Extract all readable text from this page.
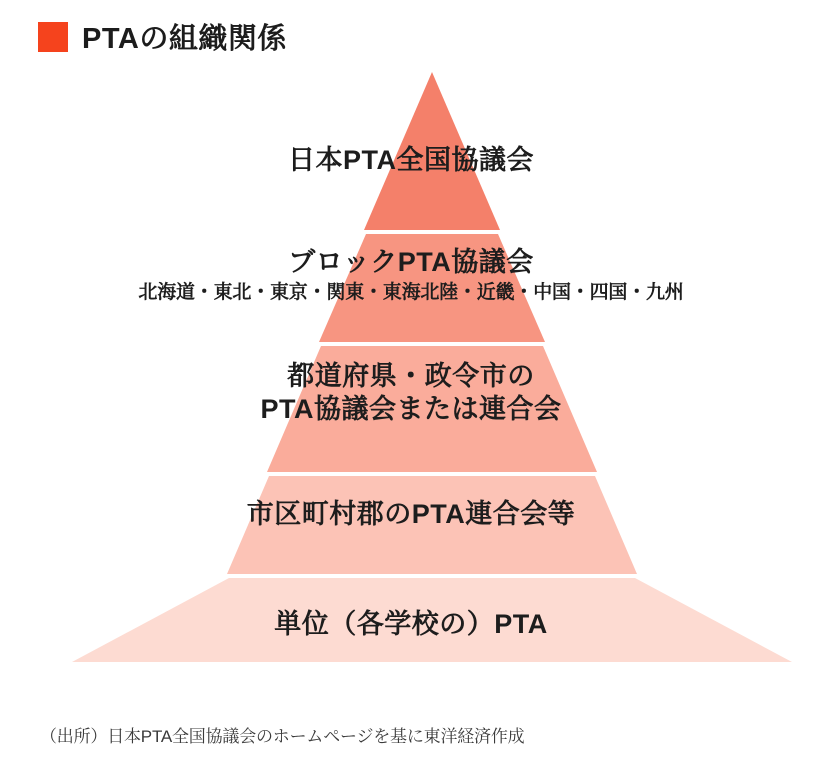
PTAの組織関係
日本PTA全国協議会
ブロックPTA協議会
北海道・東北・東京・関東・東海北陸・近畿・中国・四国・九州
都道府県・政令市の
PTA協議会または連合会
市区町村郡のPTA連合会等
単位（各学校の）PTA
（出所）日本PTA全国協議会のホームページを基に東洋経済作成
